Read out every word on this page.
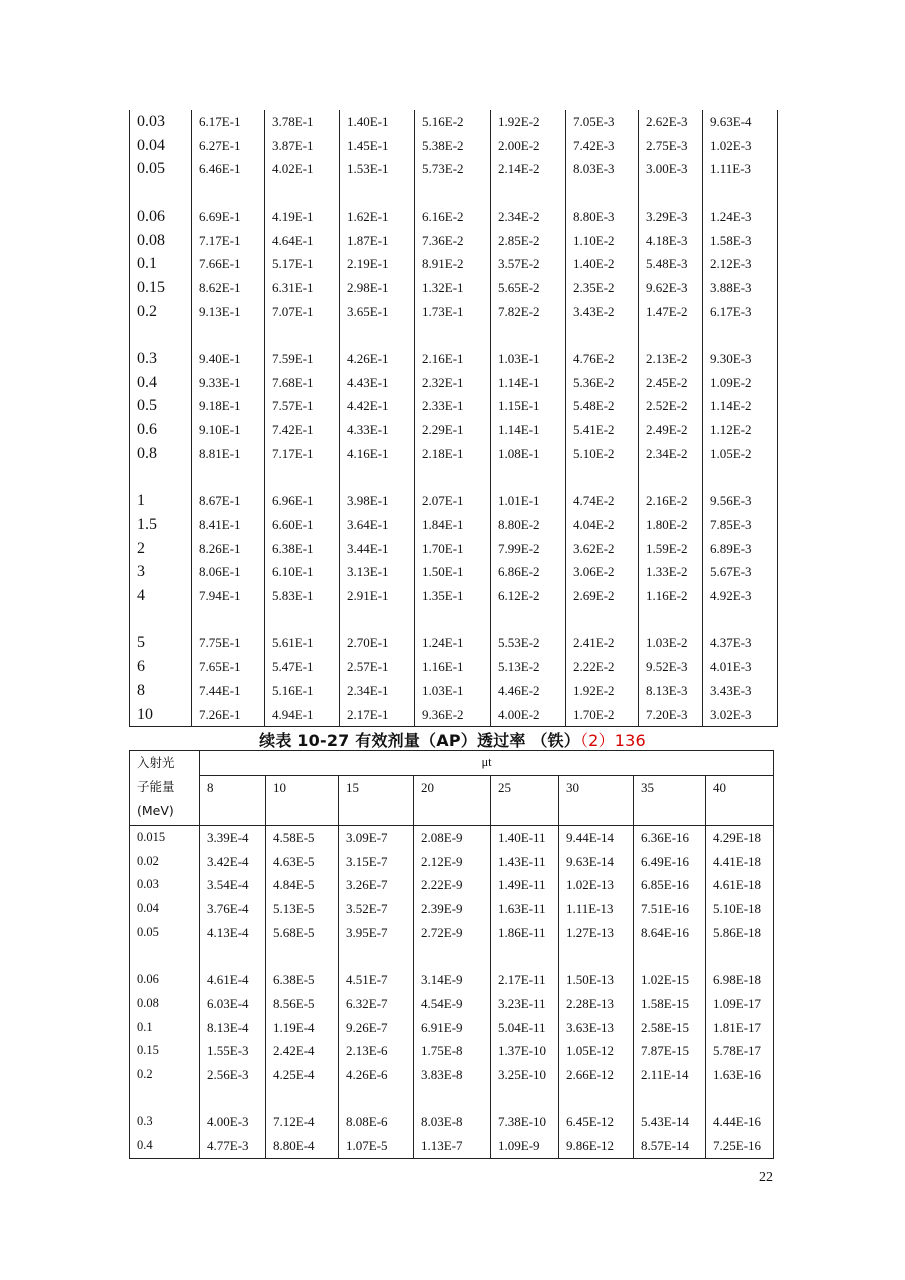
0.03	6.17E-1	3.78E-1	1.40E-1	5.16E-2	1.92E-2	7.05E-3	2.62E-3	9.63E-4
0.04	6.27E-1	3.87E-1	1.45E-1	5.38E-2	2.00E-2	7.42E-3	2.75E-3	1.02E-3
0.05	6.46E-1	4.02E-1	1.53E-1	5.73E-2	2.14E-2	8.03E-3	3.00E-3	1.11E-3

0.06	6.69E-1	4.19E-1	1.62E-1	6.16E-2	2.34E-2	8.80E-3	3.29E-3	1.24E-3
0.08	7.17E-1	4.64E-1	1.87E-1	7.36E-2	2.85E-2	1.10E-2	4.18E-3	1.58E-3
0.1	7.66E-1	5.17E-1	2.19E-1	8.91E-2	3.57E-2	1.40E-2	5.48E-3	2.12E-3
0.15	8.62E-1	6.31E-1	2.98E-1	1.32E-1	5.65E-2	2.35E-2	9.62E-3	3.88E-3
0.2	9.13E-1	7.07E-1	3.65E-1	1.73E-1	7.82E-2	3.43E-2	1.47E-2	6.17E-3

0.3	9.40E-1	7.59E-1	4.26E-1	2.16E-1	1.03E-1	4.76E-2	2.13E-2	9.30E-3
0.4	9.33E-1	7.68E-1	4.43E-1	2.32E-1	1.14E-1	5.36E-2	2.45E-2	1.09E-2
0.5	9.18E-1	7.57E-1	4.42E-1	2.33E-1	1.15E-1	5.48E-2	2.52E-2	1.14E-2
0.6	9.10E-1	7.42E-1	4.33E-1	2.29E-1	1.14E-1	5.41E-2	2.49E-2	1.12E-2
0.8	8.81E-1	7.17E-1	4.16E-1	2.18E-1	1.08E-1	5.10E-2	2.34E-2	1.05E-2

1	8.67E-1	6.96E-1	3.98E-1	2.07E-1	1.01E-1	4.74E-2	2.16E-2	9.56E-3
1.5	8.41E-1	6.60E-1	3.64E-1	1.84E-1	8.80E-2	4.04E-2	1.80E-2	7.85E-3
2	8.26E-1	6.38E-1	3.44E-1	1.70E-1	7.99E-2	3.62E-2	1.59E-2	6.89E-3
3	8.06E-1	6.10E-1	3.13E-1	1.50E-1	6.86E-2	3.06E-2	1.33E-2	5.67E-3
4	7.94E-1	5.83E-1	2.91E-1	1.35E-1	6.12E-2	2.69E-2	1.16E-2	4.92E-3

5	7.75E-1	5.61E-1	2.70E-1	1.24E-1	5.53E-2	2.41E-2	1.03E-2	4.37E-3
6	7.65E-1	5.47E-1	2.57E-1	1.16E-1	5.13E-2	2.22E-2	9.52E-3	4.01E-3
8	7.44E-1	5.16E-1	2.34E-1	1.03E-1	4.46E-2	1.92E-2	8.13E-3	3.43E-3
10	7.26E-1	4.94E-1	2.17E-1	9.36E-2	4.00E-2	1.70E-2	7.20E-3	3.02E-3
续表 10-27 有效剂量（AP）透过率 （铁）（2）136
入射光	μt							
子能量	8	10	15	20	25	30	35	40
(MeV)								
0.015	3.39E-4	4.58E-5	3.09E-7	2.08E-9	1.40E-11	9.44E-14	6.36E-16	4.29E-18
0.02	3.42E-4	4.63E-5	3.15E-7	2.12E-9	1.43E-11	9.63E-14	6.49E-16	4.41E-18
0.03	3.54E-4	4.84E-5	3.26E-7	2.22E-9	1.49E-11	1.02E-13	6.85E-16	4.61E-18
0.04	3.76E-4	5.13E-5	3.52E-7	2.39E-9	1.63E-11	1.11E-13	7.51E-16	5.10E-18
0.05	4.13E-4	5.68E-5	3.95E-7	2.72E-9	1.86E-11	1.27E-13	8.64E-16	5.86E-18

0.06	4.61E-4	6.38E-5	4.51E-7	3.14E-9	2.17E-11	1.50E-13	1.02E-15	6.98E-18
0.08	6.03E-4	8.56E-5	6.32E-7	4.54E-9	3.23E-11	2.28E-13	1.58E-15	1.09E-17
0.1	8.13E-4	1.19E-4	9.26E-7	6.91E-9	5.04E-11	3.63E-13	2.58E-15	1.81E-17
0.15	1.55E-3	2.42E-4	2.13E-6	1.75E-8	1.37E-10	1.05E-12	7.87E-15	5.78E-17
0.2	2.56E-3	4.25E-4	4.26E-6	3.83E-8	3.25E-10	2.66E-12	2.11E-14	1.63E-16

0.3	4.00E-3	7.12E-4	8.08E-6	8.03E-8	7.38E-10	6.45E-12	5.43E-14	4.44E-16
0.4	4.77E-3	8.80E-4	1.07E-5	1.13E-7	1.09E-9	9.86E-12	8.57E-14	7.25E-16
22
